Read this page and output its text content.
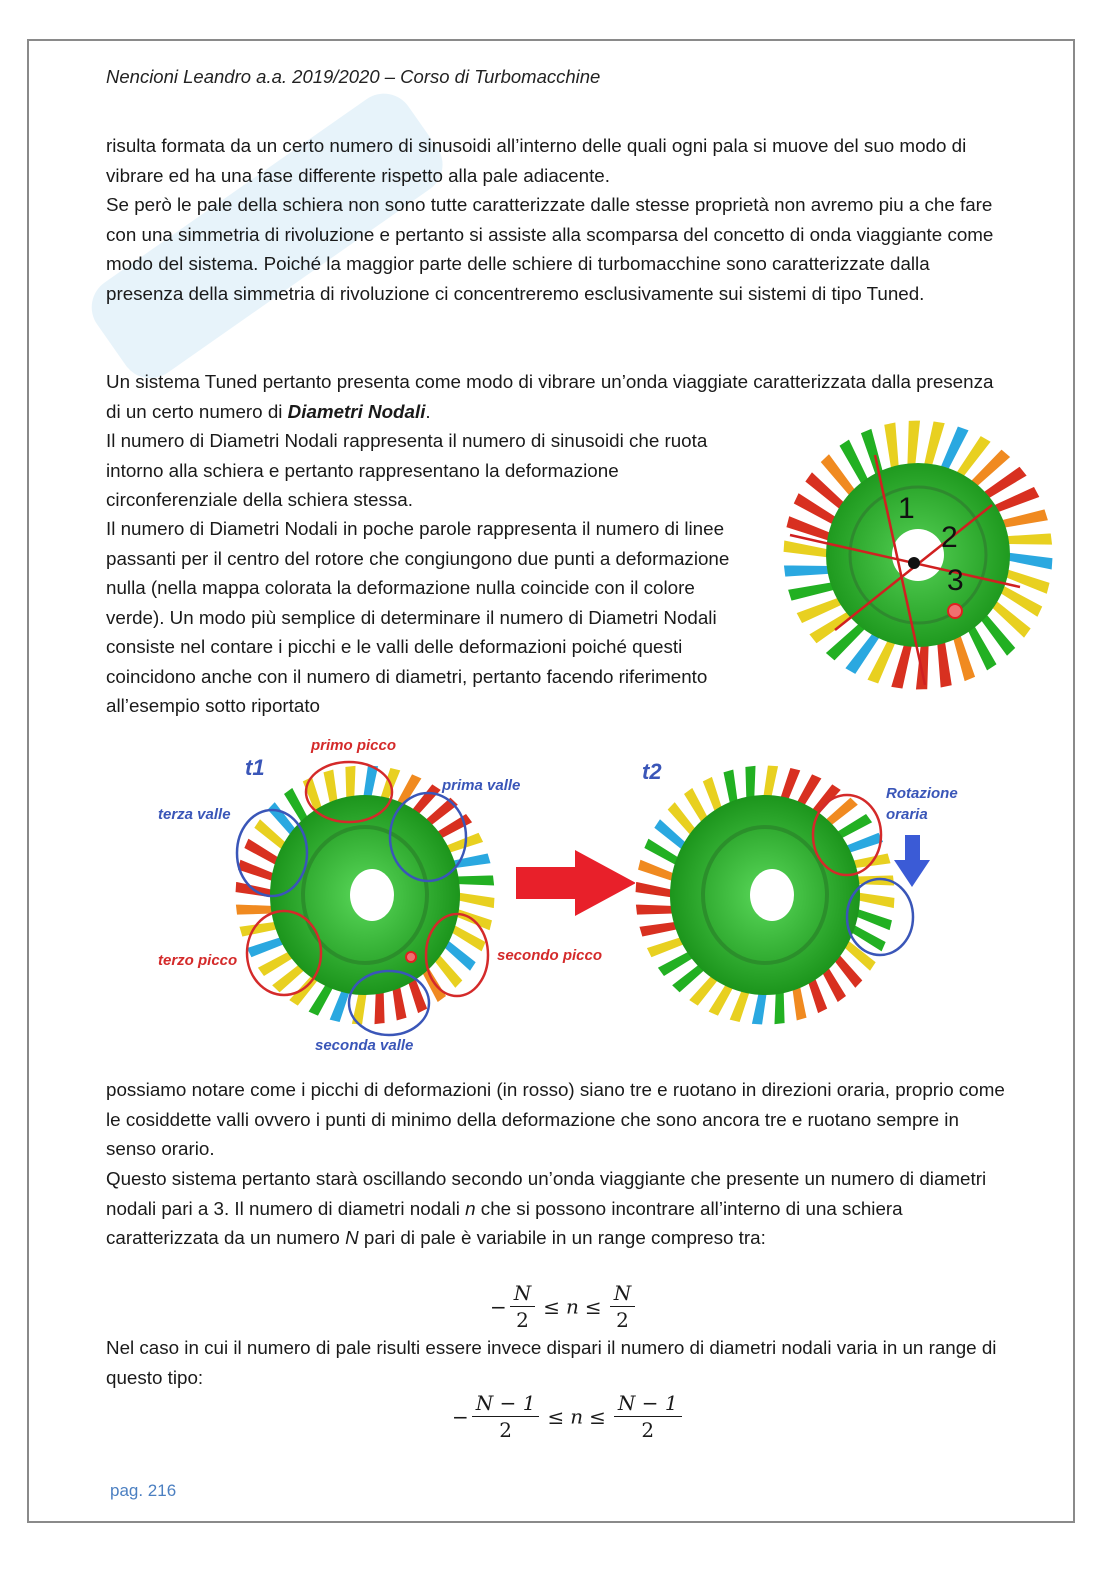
Nencioni Leandro a.a. 2019/2020 – Corso di Turbomacchine

risulta formata da un certo numero di sinusoidi all’interno delle quali ogni pala si muove del suo modo di vibrare ed ha una fase differente rispetto alla pale adiacente.

Se però le pale della schiera non sono tutte caratterizzate dalle stesse proprietà non avremo piu a che fare con una simmetria di rivoluzione e pertanto si assiste alla scomparsa del concetto di onda viaggiante come modo del sistema. Poiché la maggior parte delle schiere di turbomacchine sono caratterizzate dalla presenza della simmetria di rivoluzione ci concentreremo esclusivamente sui sistemi di tipo Tuned.

Un sistema Tuned pertanto presenta come modo di vibrare un’onda viaggiate caratterizzata dalla presenza di un certo numero di Diametri Nodali.

Il numero di Diametri Nodali rappresenta il numero di sinusoidi che ruota intorno alla schiera e pertanto rappresentano la deformazione circonferenziale della schiera stessa.

Il numero di Diametri Nodali in poche parole rappresenta il numero di linee passanti per il centro del rotore che congiungono due punti a deformazione nulla (nella mappa colorata la deformazione nulla coincide con il colore verde). Un modo più semplice di determinare il numero di Diametri Nodali consiste nel contare i picchi e le valli delle deformazioni poiché questi coincidono anche con il numero di diametri, pertanto facendo riferimento all’esempio sotto riportato

1
2
3
t1	t2
primo picco
prima valle
terza valle
terzo picco	secondo picco
seconda valle
Rotazione
oraria

possiamo notare come i picchi di deformazioni (in rosso) siano tre e ruotano in direzioni oraria, proprio come le cosiddette valli ovvero i punti di minimo della deformazione che sono ancora tre e ruotano sempre in senso orario.

Questo sistema pertanto starà oscillando secondo un’onda viaggiante che presente un numero di diametri nodali pari a 3. Il numero di diametri nodali n che si possono incontrare all’interno di una schiera caratterizzata da un numero N pari di pale è variabile in un range compreso tra:

− $\frac{N}{2} \le n \le \frac{N}{2}$

Nel caso in cui il numero di pale risulti essere invece dispari il numero di diametri nodali varia in un range di questo tipo:

− $\frac{N - 1}{2} \le n \le \frac{N - 1}{2}$
pag. 216
